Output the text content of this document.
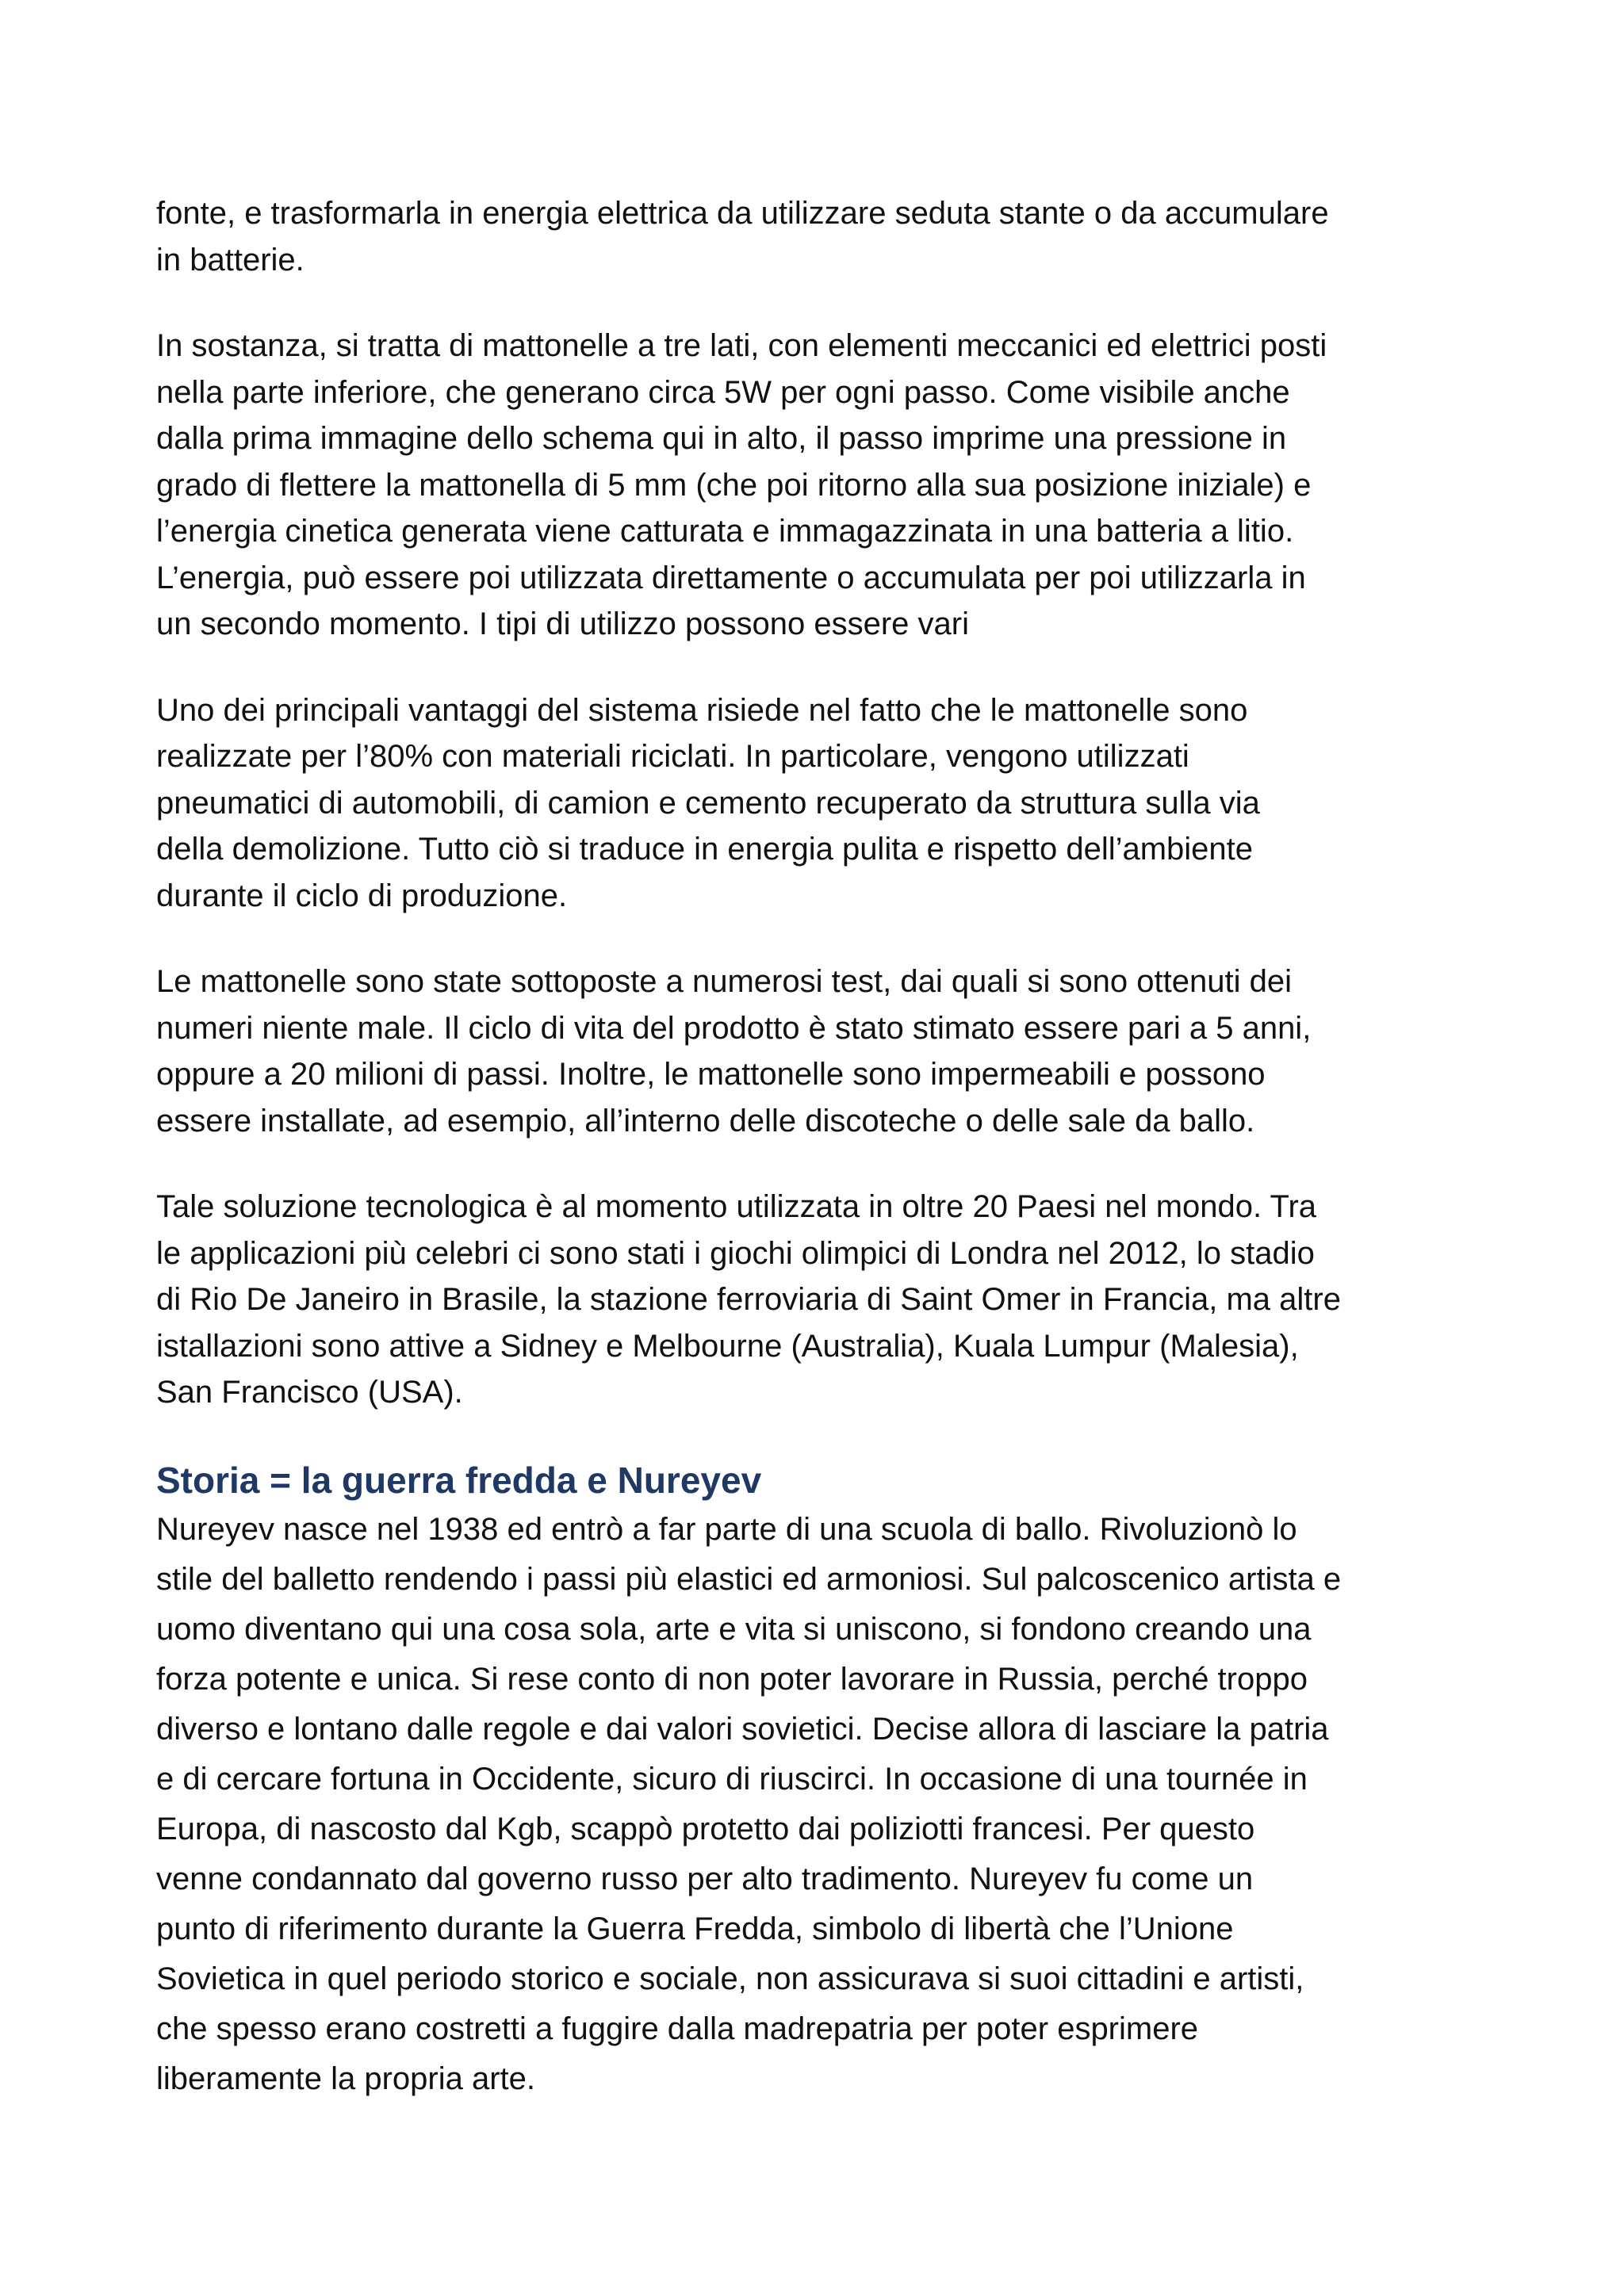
fonte, e trasformarla in energia elettrica da utilizzare seduta stante o da accumulare
in batterie.

In sostanza, si tratta di mattonelle a tre lati, con elementi meccanici ed elettrici posti
nella parte inferiore, che generano circa 5W per ogni passo. Come visibile anche
dalla prima immagine dello schema qui in alto, il passo imprime una pressione in
grado di flettere la mattonella di 5 mm (che poi ritorno alla sua posizione iniziale) e
l’energia cinetica generata viene catturata e immagazzinata in una batteria a litio.
L’energia, può essere poi utilizzata direttamente o accumulata per poi utilizzarla in
un secondo momento. I tipi di utilizzo possono essere vari

Uno dei principali vantaggi del sistema risiede nel fatto che le mattonelle sono
realizzate per l’80% con materiali riciclati. In particolare, vengono utilizzati
pneumatici di automobili, di camion e cemento recuperato da struttura sulla via
della demolizione. Tutto ciò si traduce in energia pulita e rispetto dell’ambiente
durante il ciclo di produzione.

Le mattonelle sono state sottoposte a numerosi test, dai quali si sono ottenuti dei
numeri niente male. Il ciclo di vita del prodotto è stato stimato essere pari a 5 anni,
oppure a 20 milioni di passi. Inoltre, le mattonelle sono impermeabili e possono
essere installate, ad esempio, all’interno delle discoteche o delle sale da ballo.

Tale soluzione tecnologica è al momento utilizzata in oltre 20 Paesi nel mondo. Tra
le applicazioni più celebri ci sono stati i giochi olimpici di Londra nel 2012, lo stadio
di Rio De Janeiro in Brasile, la stazione ferroviaria di Saint Omer in Francia, ma altre
istallazioni sono attive a Sidney e Melbourne (Australia), Kuala Lumpur (Malesia),
San Francisco (USA).

Storia = la guerra fredda e Nureyev

Nureyev nasce nel 1938 ed entrò a far parte di una scuola di ballo. Rivoluzionò lo
stile del balletto rendendo i passi più elastici ed armoniosi. Sul palcoscenico artista e
uomo diventano qui una cosa sola, arte e vita si uniscono, si fondono creando una
forza potente e unica. Si rese conto di non poter lavorare in Russia, perché troppo
diverso e lontano dalle regole e dai valori sovietici. Decise allora di lasciare la patria
e di cercare fortuna in Occidente, sicuro di riuscirci. In occasione di una tournée in
Europa, di nascosto dal Kgb, scappò protetto dai poliziotti francesi. Per questo
venne condannato dal governo russo per alto tradimento. Nureyev fu come un
punto di riferimento durante la Guerra Fredda, simbolo di libertà che l’Unione
Sovietica in quel periodo storico e sociale, non assicurava si suoi cittadini e artisti,
che spesso erano costretti a fuggire dalla madrepatria per poter esprimere
liberamente la propria arte.
